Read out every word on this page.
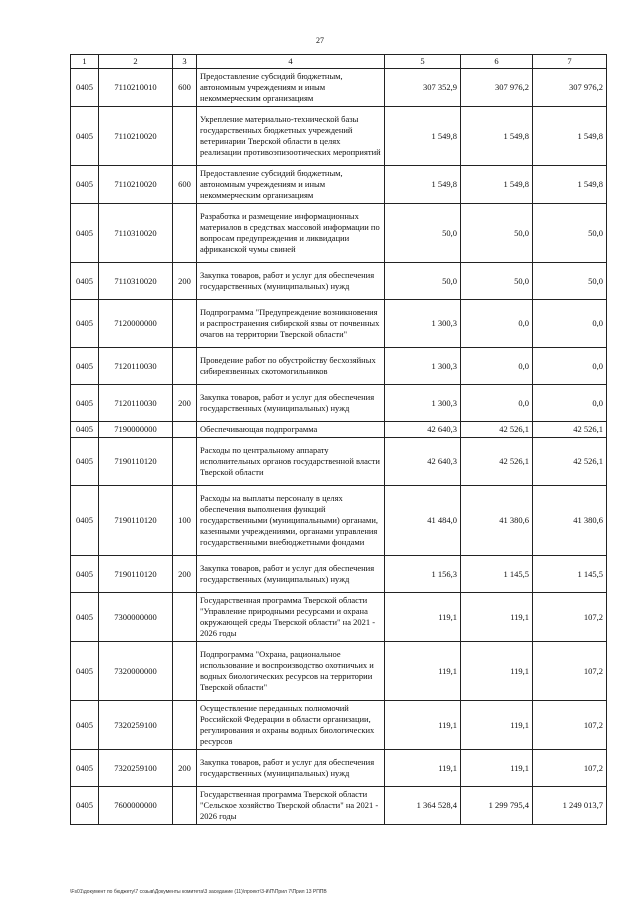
27
1	2	3	4	5	6	7
0405	7110210010	600	Предоставление субсидий бюджетным, автономным учреждениям и иным некоммерческим организациям	307 352,9	307 976,2	307 976,2
0405	7110210020		Укрепление материально-технической базы государственных бюджетных учреждений ветеринарии Тверской области в целях реализации противоэпизоотических мероприятий	1 549,8	1 549,8	1 549,8
0405	7110210020	600	Предоставление субсидий бюджетным, автономным учреждениям и иным некоммерческим организациям	1 549,8	1 549,8	1 549,8
0405	7110310020		Разработка и размещение информационных материалов в средствах массовой информации по вопросам предупреждения и ликвидации африканской чумы свиней	50,0	50,0	50,0
0405	7110310020	200	Закупка товаров, работ и услуг для обеспечения государственных (муниципальных) нужд	50,0	50,0	50,0
0405	7120000000		Подпрограмма "Предупреждение возникновения и распространения сибирской язвы от почвенных очагов на территории Тверской области"	1 300,3	0,0	0,0
0405	7120110030		Проведение работ по обустройству бесхозяйных сибиреязвенных скотомогильников	1 300,3	0,0	0,0
0405	7120110030	200	Закупка товаров, работ и услуг для обеспечения государственных (муниципальных) нужд	1 300,3	0,0	0,0
0405	7190000000		Обеспечивающая подпрограмма	42 640,3	42 526,1	42 526,1
0405	7190110120		Расходы по центральному аппарату исполнительных органов государственной власти Тверской области	42 640,3	42 526,1	42 526,1
0405	7190110120	100	Расходы на выплаты персоналу в целях обеспечения выполнения функций государственными (муниципальными) органами, казенными учреждениями, органами управления государственными внебюджетными фондами	41 484,0	41 380,6	41 380,6
0405	7190110120	200	Закупка товаров, работ и услуг для обеспечения государственных (муниципальных) нужд	1 156,3	1 145,5	1 145,5
0405	7300000000		Государственная программа Тверской области "Управление природными ресурсами и охрана окружающей среды Тверской области" на 2021 - 2026 годы	119,1	119,1	107,2
0405	7320000000		Подпрограмма "Охрана, рациональное использование и воспроизводство охотничьих и водных биологических ресурсов на территории Тверской области"	119,1	119,1	107,2
0405	7320259100		Осуществление переданных полномочий Российской Федерации в области организации, регулирования и охраны водных биологических ресурсов	119,1	119,1	107,2
0405	7320259100	200	Закупка товаров, работ и услуг для обеспечения государственных (муниципальных) нужд	119,1	119,1	107,2
0405	7600000000		Государственная программа Тверской области "Сельское хозяйство Тверской области" на 2021 - 2026 годы	1 364 528,4	1 299 795,4	1 249 013,7
\Fs01\документ по бюджету\7 созыв\Документы комитета\3 заседание (11)\проект\3-й\П\Прил 7\Прил 13 РППВ
